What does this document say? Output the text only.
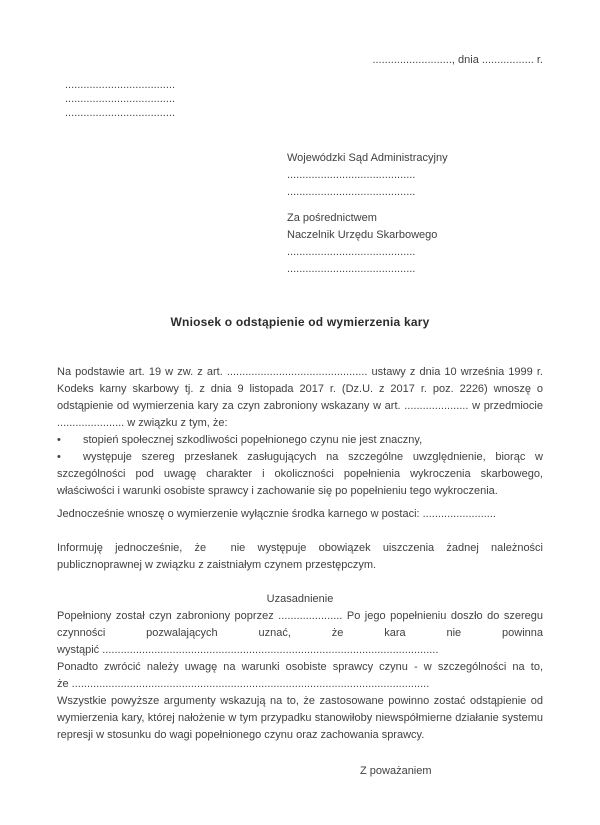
.........................., dnia ................. r.
....................................
....................................
....................................
Wojewódzki Sąd Administracyjny
..........................................
..........................................
Za pośrednictwem
Naczelnik Urzędu Skarbowego
..........................................
..........................................
Wniosek o odstąpienie od wymierzenia kary

Na podstawie art. 19 w zw. z art. .............................................. ustawy z dnia 10 września 1999 r. Kodeks karny skarbowy tj. z dnia 9 listopada 2017 r. (Dz.U. z 2017 r. poz. 2226) wnoszę o odstąpienie od wymierzenia kary za czyn zabroniony wskazany w art. ..................... w przedmiocie ...................... w związku z tym, że:

• stopień społecznej szkodliwości popełnionego czynu nie jest znaczny,

• występuje szereg przesłanek zasługujących na szczególne uwzględnienie, biorąc w szczególności pod uwagę charakter i okoliczności popełnienia wykroczenia skarbowego, właściwości i warunki osobiste sprawcy i zachowanie się po popełnieniu tego wykroczenia.

Jednocześnie wnoszę o wymierzenie wyłącznie środka karnego w postaci: ........................

Informuję jednocześnie, że  nie występuje obowiązek uiszczenia żadnej należności publicznoprawnej w związku z zaistniałym czynem przestępczym.

Uzasadnienie

Popełniony został czyn zabroniony poprzez ..................... Po jego popełnieniu doszło do szeregu czynności pozwalających uznać, że kara nie powinna wystąpić ..............................................................................................................

Ponadto zwrócić należy uwagę na warunki osobiste sprawcy czynu - w szczególności na to, że .....................................................................................................................

Wszystkie powyższe argumenty wskazują na to, że zastosowane powinno zostać odstąpienie od wymierzenia kary, której nałożenie w tym przypadku stanowiłoby niewspółmierne działanie systemu represji w stosunku do wagi popełnionego czynu oraz zachowania sprawcy.

Z poważaniem
